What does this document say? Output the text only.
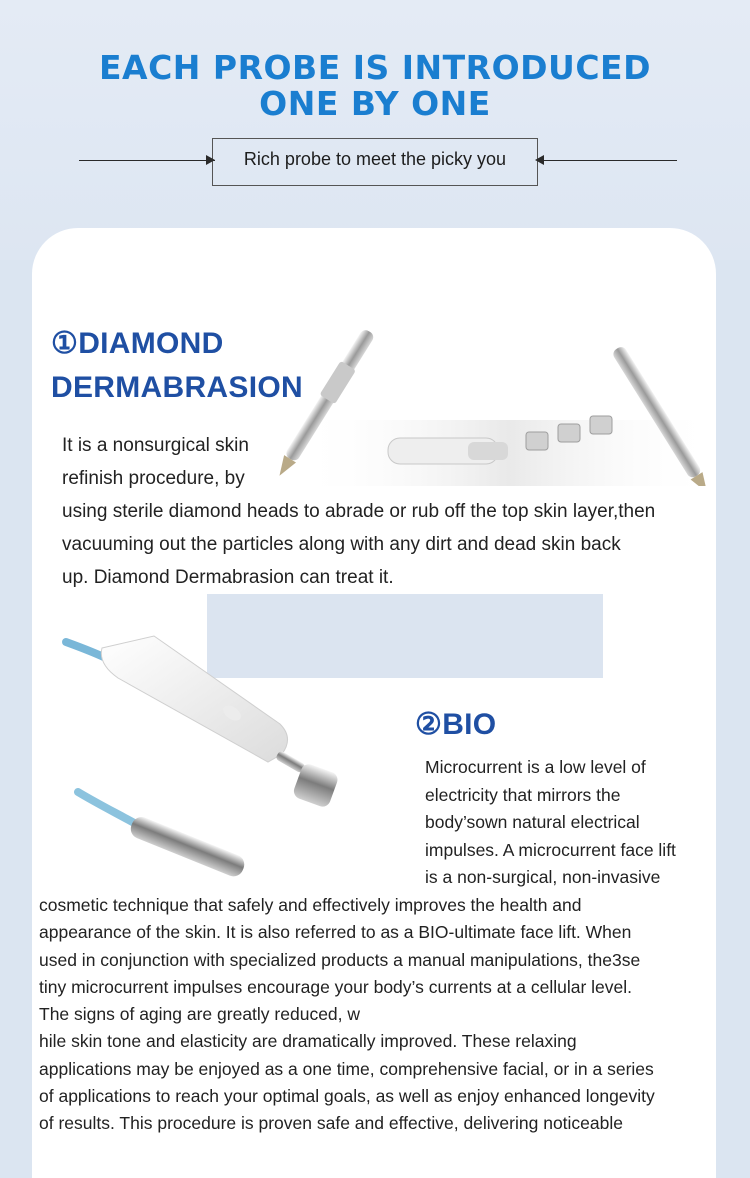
EACH PROBE IS INTRODUCED
ONE BY ONE
Rich probe to meet the picky you
①DIAMOND
DERMABRASION
It is a nonsurgical skin
refinish procedure, by
using sterile diamond heads to abrade or rub off the top skin layer,then
vacuuming out the particles along with any dirt and dead skin back
up. Diamond Dermabrasion can treat it.
②BIO
Microcurrent is a low level of
electricity that mirrors the
body’sown natural electrical
impulses. A microcurrent face lift
is a non-surgical, non-invasive
cosmetic technique that safely and effectively improves the health and
appearance of the skin. It is also referred to as a BIO-ultimate face lift. When
used in conjunction with specialized products a manual manipulations, the3se
tiny microcurrent impulses encourage your body’s currents at a cellular level.
The signs of aging are greatly reduced, w
hile skin tone and elasticity are dramatically improved. These relaxing
applications may be enjoyed as a one time, comprehensive facial, or in a series
of applications to reach your optimal goals, as well as enjoy enhanced longevity
of results. This procedure is proven safe and effective, delivering noticeable
